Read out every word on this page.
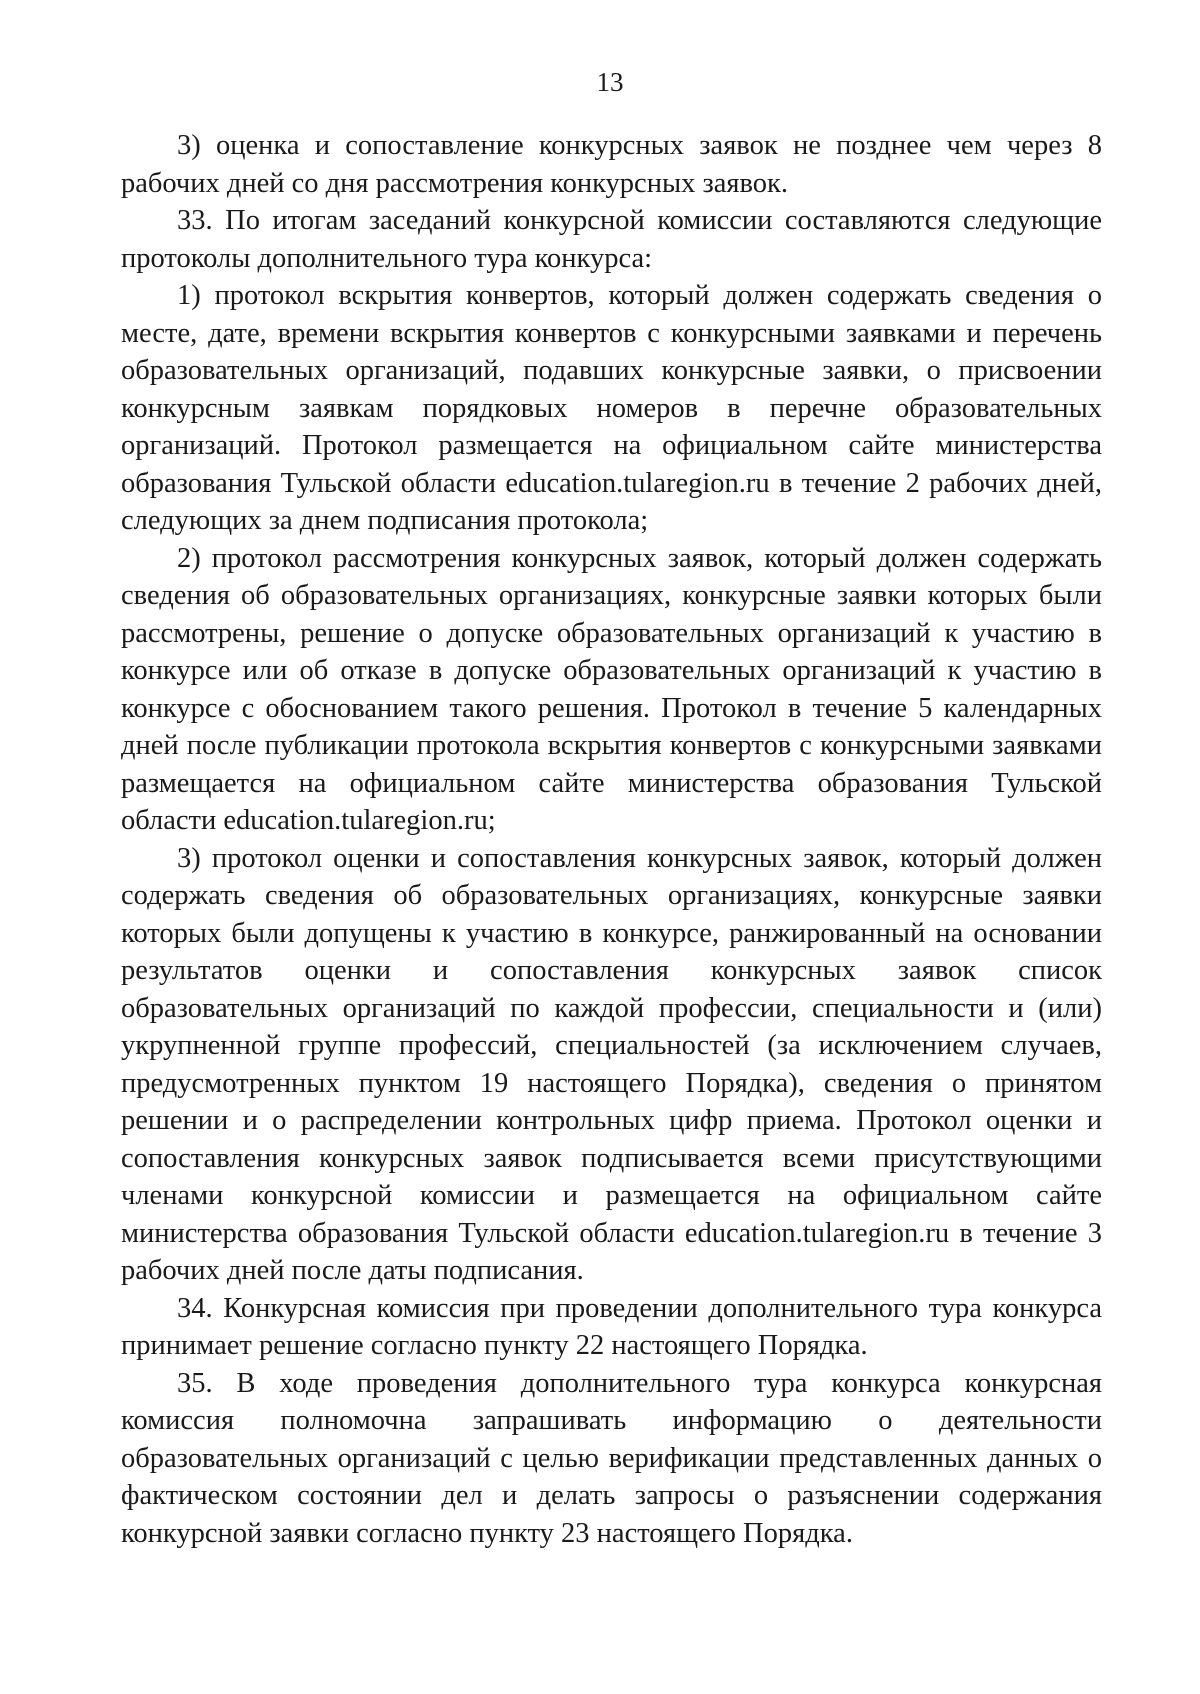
13

3) оценка и сопоставление конкурсных заявок не позднее чем через 8 рабочих дней со дня рассмотрения конкурсных заявок.

33. По итогам заседаний конкурсной комиссии составляются следующие протоколы дополнительного тура конкурса:

1) протокол вскрытия конвертов, который должен содержать сведения о месте, дате, времени вскрытия конвертов с конкурсными заявками и перечень образовательных организаций, подавших конкурсные заявки, о присвоении конкурсным заявкам порядковых номеров в перечне образовательных организаций. Протокол размещается на официальном сайте министерства образования Тульской области education.tularegion.ru в течение 2 рабочих дней, следующих за днем подписания протокола;

2) протокол рассмотрения конкурсных заявок, который должен содержать сведения об образовательных организациях, конкурсные заявки которых были рассмотрены, решение о допуске образовательных организаций к участию в конкурсе или об отказе в допуске образовательных организаций к участию в конкурсе с обоснованием такого решения. Протокол в течение 5 календарных дней после публикации протокола вскрытия конвертов с конкурсными заявками размещается на официальном сайте министерства образования Тульской области education.tularegion.ru;

3) протокол оценки и сопоставления конкурсных заявок, который должен содержать сведения об образовательных организациях, конкурсные заявки которых были допущены к участию в конкурсе, ранжированный на основании результатов оценки и сопоставления конкурсных заявок список образовательных организаций по каждой профессии, специальности и (или) укрупненной группе профессий, специальностей (за исключением случаев, предусмотренных пунктом 19 настоящего Порядка), сведения о принятом решении и о распределении контрольных цифр приема. Протокол оценки и сопоставления конкурсных заявок подписывается всеми присутствующими членами конкурсной комиссии и размещается на официальном сайте министерства образования Тульской области education.tularegion.ru в течение 3 рабочих дней после даты подписания.

34. Конкурсная комиссия при проведении дополнительного тура конкурса принимает решение согласно пункту 22 настоящего Порядка.

35. В ходе проведения дополнительного тура конкурса конкурсная комиссия полномочна запрашивать информацию о деятельности образовательных организаций с целью верификации представленных данных о фактическом состоянии дел и делать запросы о разъяснении содержания конкурсной заявки согласно пункту 23 настоящего Порядка.
